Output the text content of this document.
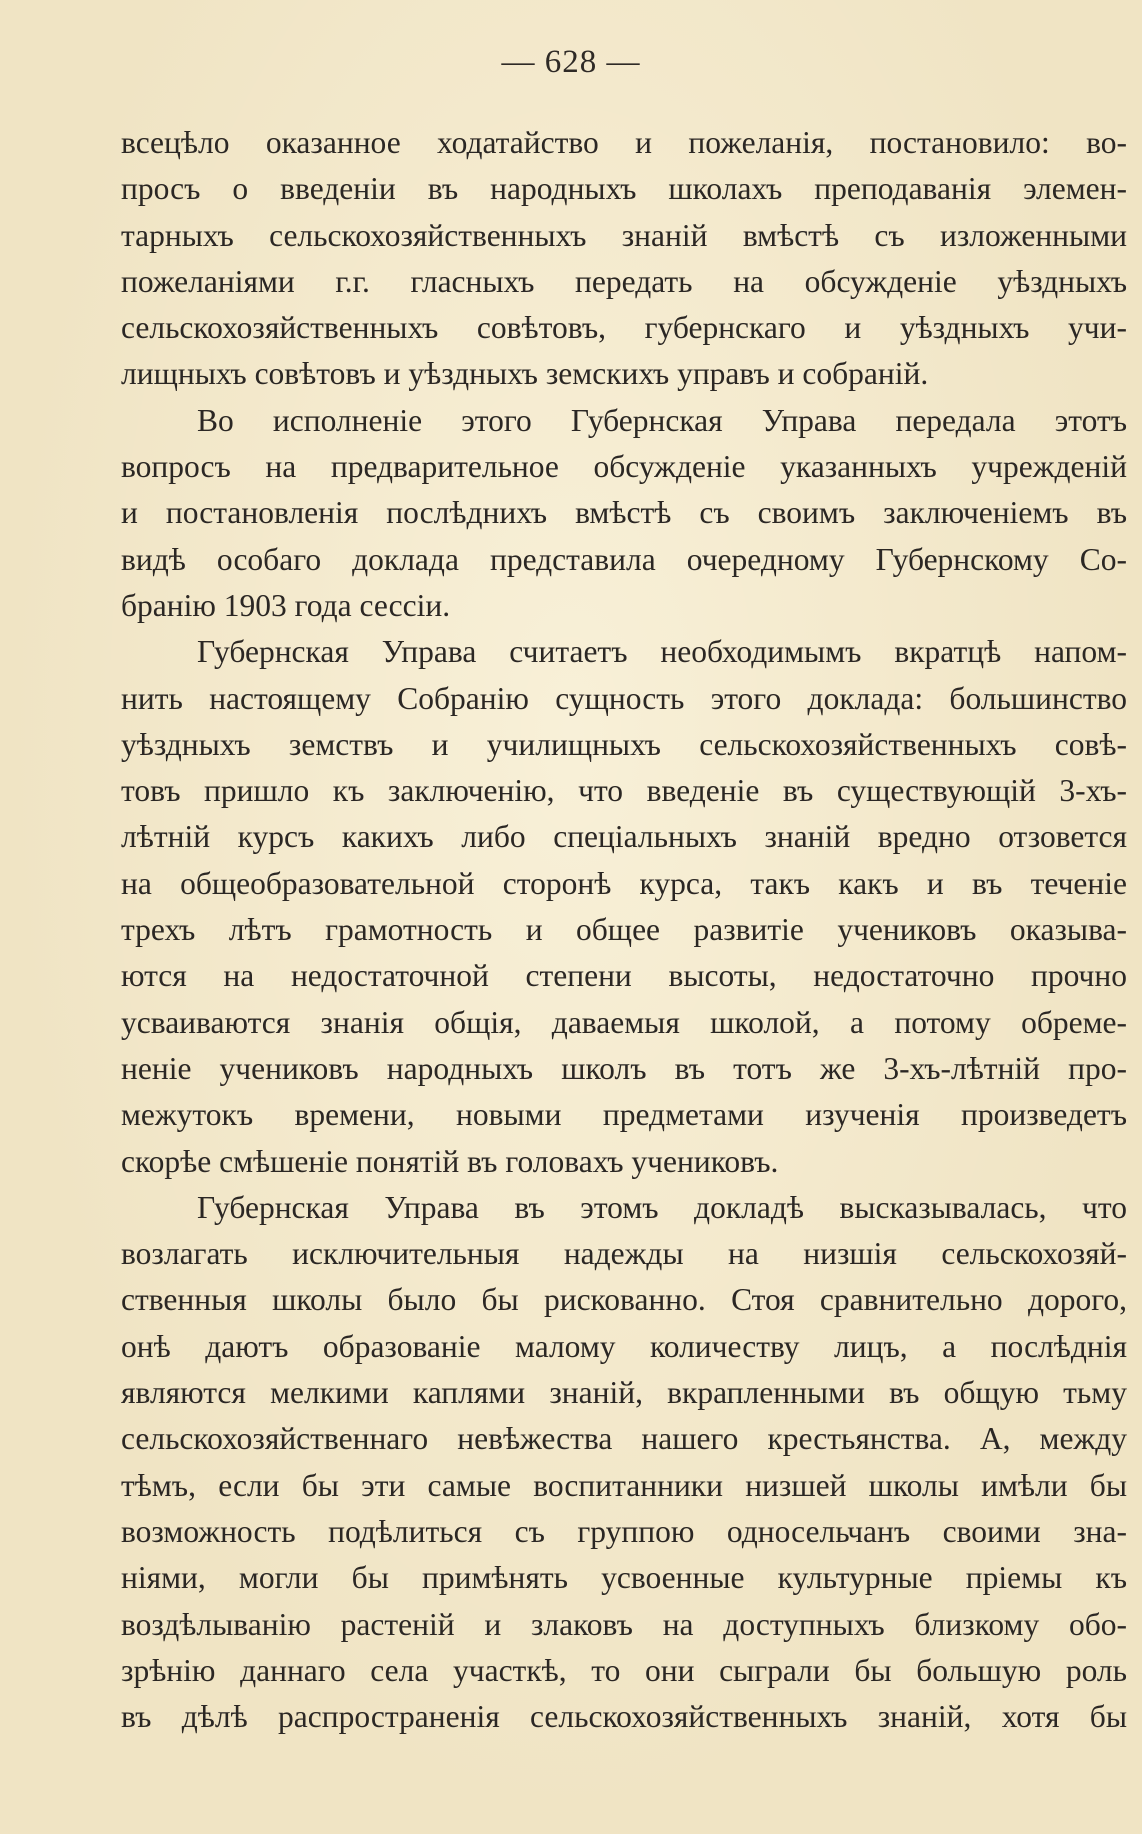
— 628 —
всецѣло оказанное ходатайство и пожеланія, постановило: во-
просъ о введеніи въ народныхъ школахъ преподаванія элемен-
тарныхъ сельскохозяйственныхъ знаній вмѣстѣ съ изложенными
пожеланіями г.г. гласныхъ передать на обсужденіе уѣздныхъ
сельскохозяйственныхъ совѣтовъ, губернскаго и уѣздныхъ учи-
лищныхъ совѣтовъ и уѣздныхъ земскихъ управъ и собраній.
Во исполненіе этого Губернская Управа передала этотъ
вопросъ на предварительное обсужденіе указанныхъ учрежденій
и постановленія послѣднихъ вмѣстѣ съ своимъ заключеніемъ въ
видѣ особаго доклада представила очередному Губернскому Со-
бранію 1903 года сессіи.
Губернская Управа считаетъ необходимымъ вкратцѣ напом-
нить настоящему Собранію сущность этого доклада: большинство
уѣздныхъ земствъ и училищныхъ сельскохозяйственныхъ совѣ-
товъ пришло къ заключенію, что введеніе въ существующій 3-хъ-
лѣтній курсъ какихъ либо спеціальныхъ знаній вредно отзовется
на общеобразовательной сторонѣ курса, такъ какъ и въ теченіе
трехъ лѣтъ грамотность и общее развитіе учениковъ оказыва-
ются на недостаточной степени высоты, недостаточно прочно
усваиваются знанія общія, даваемыя школой, а потому обреме-
неніе учениковъ народныхъ школъ въ тотъ же 3-хъ-лѣтній про-
межутокъ времени, новыми предметами изученія произведетъ
скорѣе смѣшеніе понятій въ головахъ учениковъ.
Губернская Управа въ этомъ докладѣ высказывалась, что
возлагать исключительныя надежды на низшія сельскохозяй-
ственныя школы было бы рискованно. Стоя сравнительно дорого,
онѣ даютъ образованіе малому количеству лицъ, а послѣднія
являются мелкими каплями знаній, вкрапленными въ общую тьму
сельскохозяйственнаго невѣжества нашего крестьянства. А, между
тѣмъ, если бы эти самые воспитанники низшей школы имѣли бы
возможность подѣлиться съ группою односельчанъ своими зна-
ніями, могли бы примѣнять усвоенные культурные пріемы къ
воздѣлыванію растеній и злаковъ на доступныхъ близкому обо-
зрѣнію даннаго села участкѣ, то они сыграли бы большую роль
въ дѣлѣ распространенія сельскохозяйственныхъ знаній, хотя бы
